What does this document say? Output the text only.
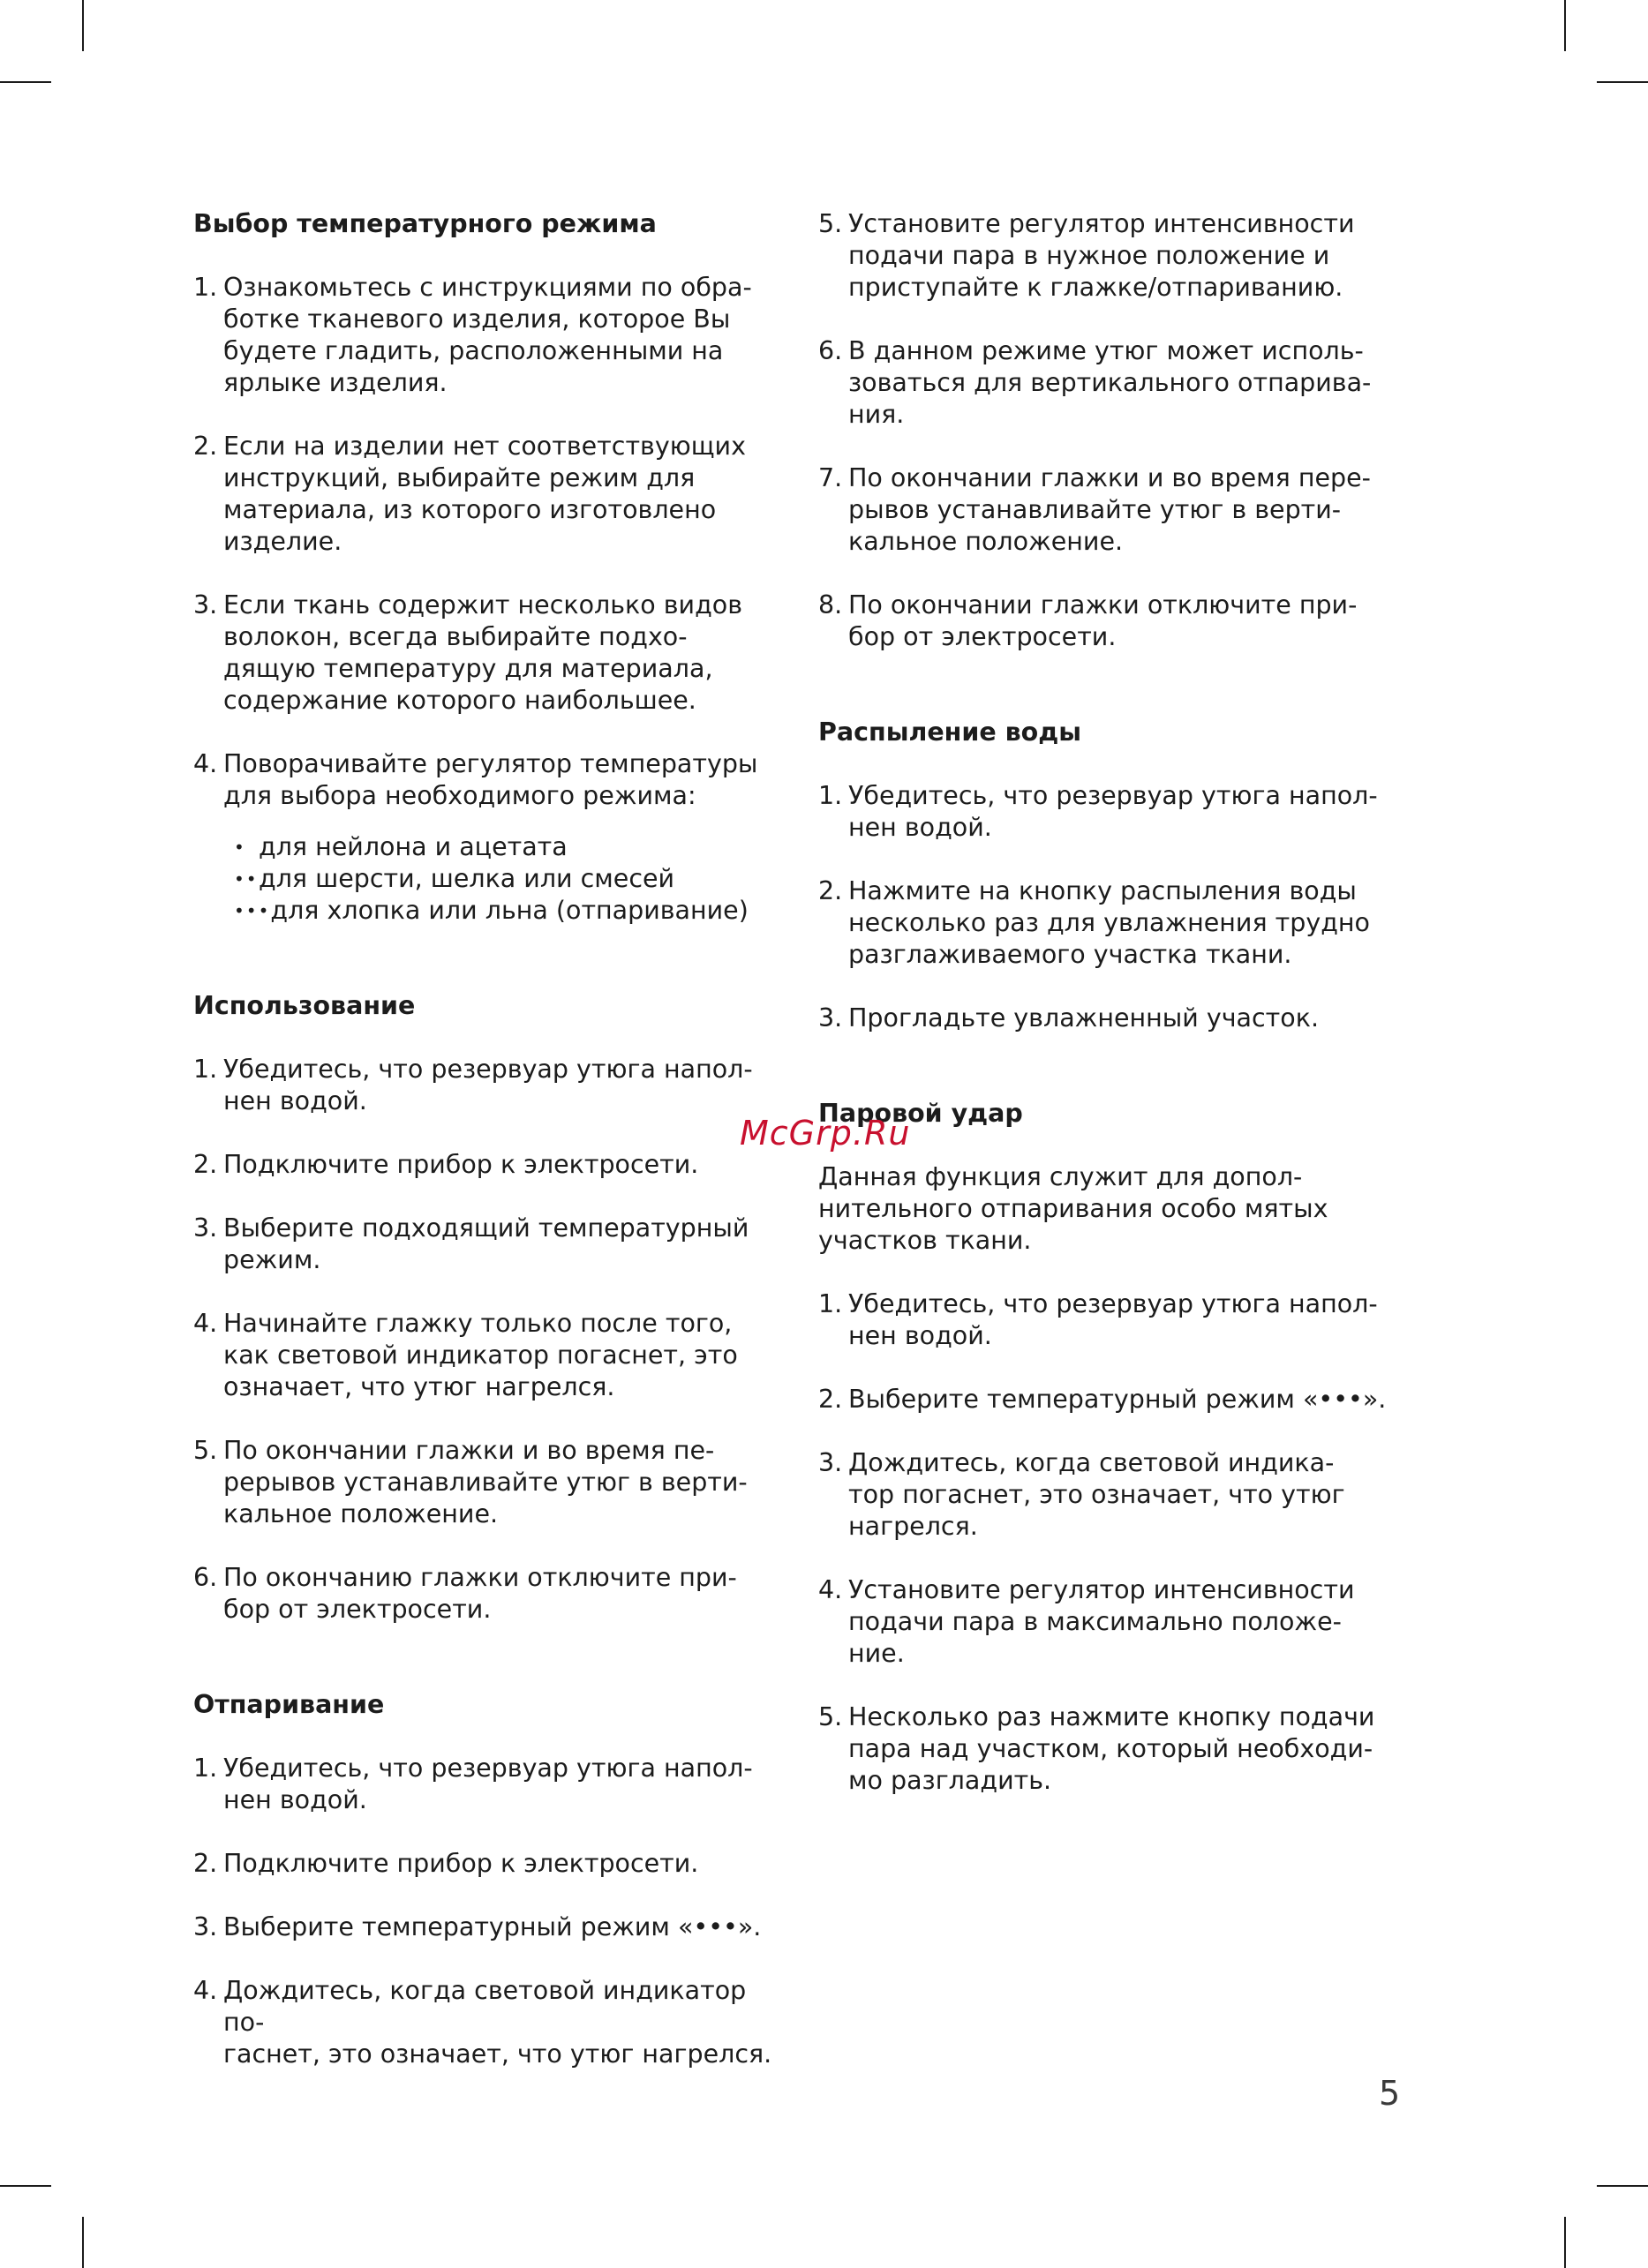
Выбор температурного режима
1. Ознакомьтесь с инструкциями по обра-
ботке тканевого изделия, которое Вы
будете гладить, расположенными на
ярлыке изделия.
2. Если на изделии нет соответствующих
инструкций, выбирайте режим для
материала, из которого изготовлено
изделие.
3. Если ткань содержит несколько видов
волокон, всегда выбирайте подхо-
дящую температуру для материала,
содержание которого наибольшее.
4. Поворачивайте регулятор температуры
для выбора необходимого режима:
• для нейлона и ацетата
•• для шерсти, шелка или смесей
••• для хлопка или льна (отпаривание)
Использование
1. Убедитесь, что резервуар утюга напол-
нен водой.
2. Подключите прибор к электросети.
3. Выберите подходящий температурный
режим.
4. Начинайте глажку только после того,
как световой индикатор погаснет, это
означает, что утюг нагрелся.
5. По окончании глажки и во время пе-
рерывов устанавливайте утюг в верти-
кальное положение.
6. По окончанию глажки отключите при-
бор от электросети.
Отпаривание
1. Убедитесь, что резервуар утюга напол-
нен водой.
2. Подключите прибор к электросети.
3. Выберите температурный режим «•••».
4. Дождитесь, когда световой индикатор по-
гаснет, это означает, что утюг нагрелся.
5. Установите регулятор интенсивности
подачи пара в нужное положение и
приступайте к глажке/отпариванию.
6. В данном режиме утюг может исполь-
зоваться для вертикального отпарива-
ния.
7. По окончании глажки и во время пере-
рывов устанавливайте утюг в верти-
кальное положение.
8. По окончании глажки отключите при-
бор от электросети.
Распыление воды
1. Убедитесь, что резервуар утюга напол-
нен водой.
2. Нажмите на кнопку распыления воды
несколько раз для увлажнения трудно
разглаживаемого участка ткани.
3. Прогладьте увлажненный участок.
Паровой удар
Данная функция служит для допол-
нительного отпаривания особо мятых
участков ткани.
1. Убедитесь, что резервуар утюга напол-
нен водой.
2. Выберите температурный режим «•••».
3. Дождитесь, когда световой индика-
тор погаснет, это означает, что утюг
нагрелся.
4. Установите регулятор интенсивности
подачи пара в максимально положе-
ние.
5. Несколько раз нажмите кнопку подачи
пара над участком, который необходи-
мо разгладить.
McGrp.Ru
5
